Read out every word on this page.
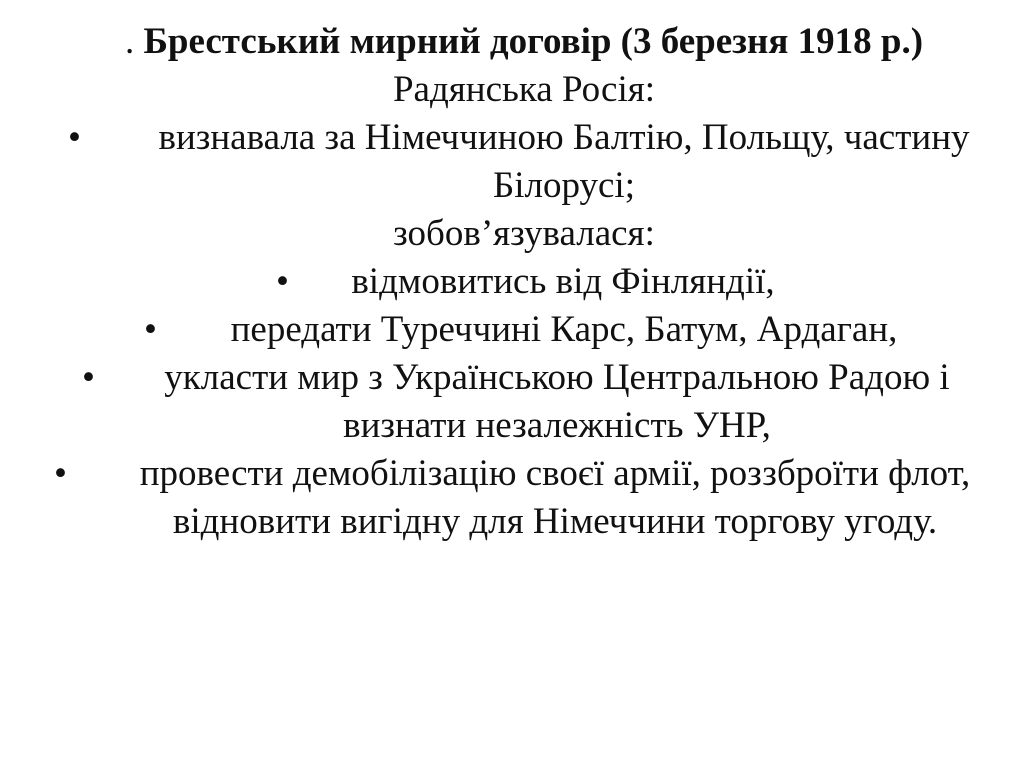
. Брестський мирний договір (3 березня 1918 р.)
Радянська Росія:
•	визнавала за Німеччиною Балтію, Польщу, частину
Білорусі;
зобов’язувалася:
•	відмовитись від Фінляндії,
•	передати Туреччині Карс, Батум, Ардаган,
•	укласти мир з Українською Центральною Радою і
визнати незалежність УНР,
•	провести демобілізацію своєї армії, роззброїти флот,
відновити вигідну для Німеччини торгову угоду.
